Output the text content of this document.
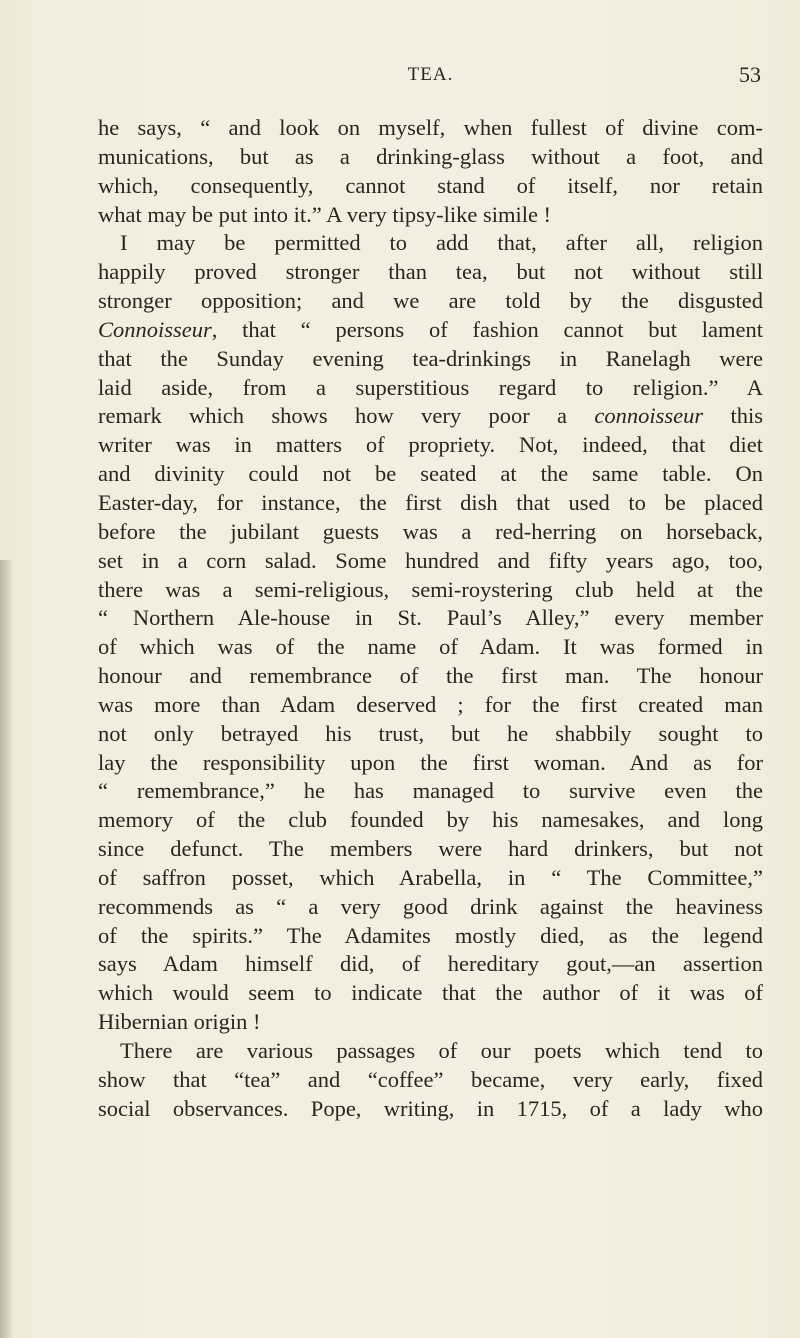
TEA.	53
he says, “ and look on myself, when fullest of divine com-
munications, but as a drinking-glass without a foot, and
which, consequently, cannot stand of itself, nor retain
what may be put into it.” A very tipsy-like simile !
I may be permitted to add that, after all, religion
happily proved stronger than tea, but not without still
stronger opposition; and we are told by the disgusted
Connoisseur, that “ persons of fashion cannot but lament
that the Sunday evening tea-drinkings in Ranelagh were
laid aside, from a superstitious regard to religion.” A
remark which shows how very poor a connoisseur this
writer was in matters of propriety. Not, indeed, that diet
and divinity could not be seated at the same table. On
Easter-day, for instance, the first dish that used to be placed
before the jubilant guests was a red-herring on horseback,
set in a corn salad. Some hundred and fifty years ago, too,
there was a semi-religious, semi-roystering club held at the
“ Northern Ale-house in St. Paul’s Alley,” every member
of which was of the name of Adam. It was formed in
honour and remembrance of the first man. The honour
was more than Adam deserved ; for the first created man
not only betrayed his trust, but he shabbily sought to
lay the responsibility upon the first woman. And as for
“ remembrance,” he has managed to survive even the
memory of the club founded by his namesakes, and long
since defunct. The members were hard drinkers, but not
of saffron posset, which Arabella, in “ The Committee,”
recommends as “ a very good drink against the heaviness
of the spirits.” The Adamites mostly died, as the legend
says Adam himself did, of hereditary gout,—an assertion
which would seem to indicate that the author of it was of
Hibernian origin !
There are various passages of our poets which tend to
show that “tea” and “coffee” became, very early, fixed
social observances. Pope, writing, in 1715, of a lady who
